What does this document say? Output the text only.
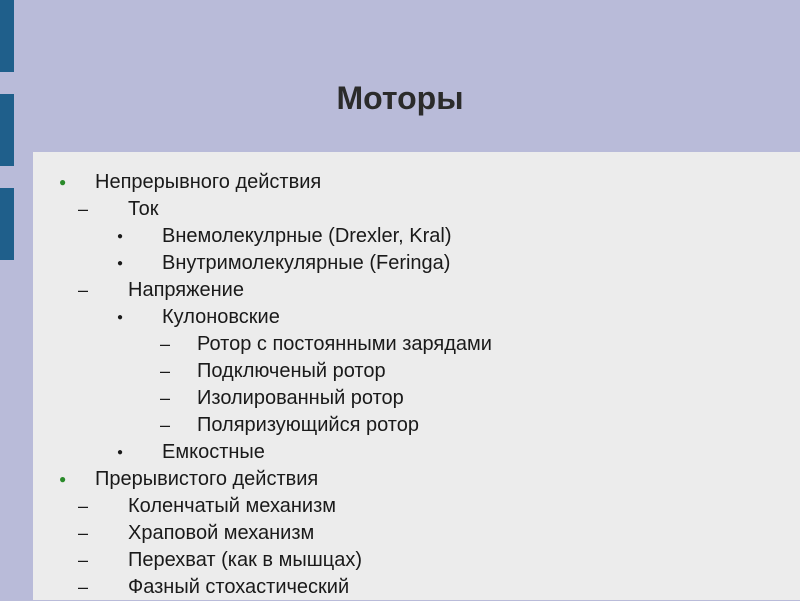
Моторы
● Непрерывного действия
– Ток
● Внемолекулрные (Drexler, Kral)
● Внутримолекулярные (Feringa)
– Напряжение
● Кулоновские
– Ротор с постоянными зарядами
– Подключеный ротор
– Изолированный ротор
– Поляризующийся ротор
● Емкостные
● Прерывистого действия
– Коленчатый механизм
– Храповой механизм
– Перехват (как в мышцах)
– Фазный стохастический
